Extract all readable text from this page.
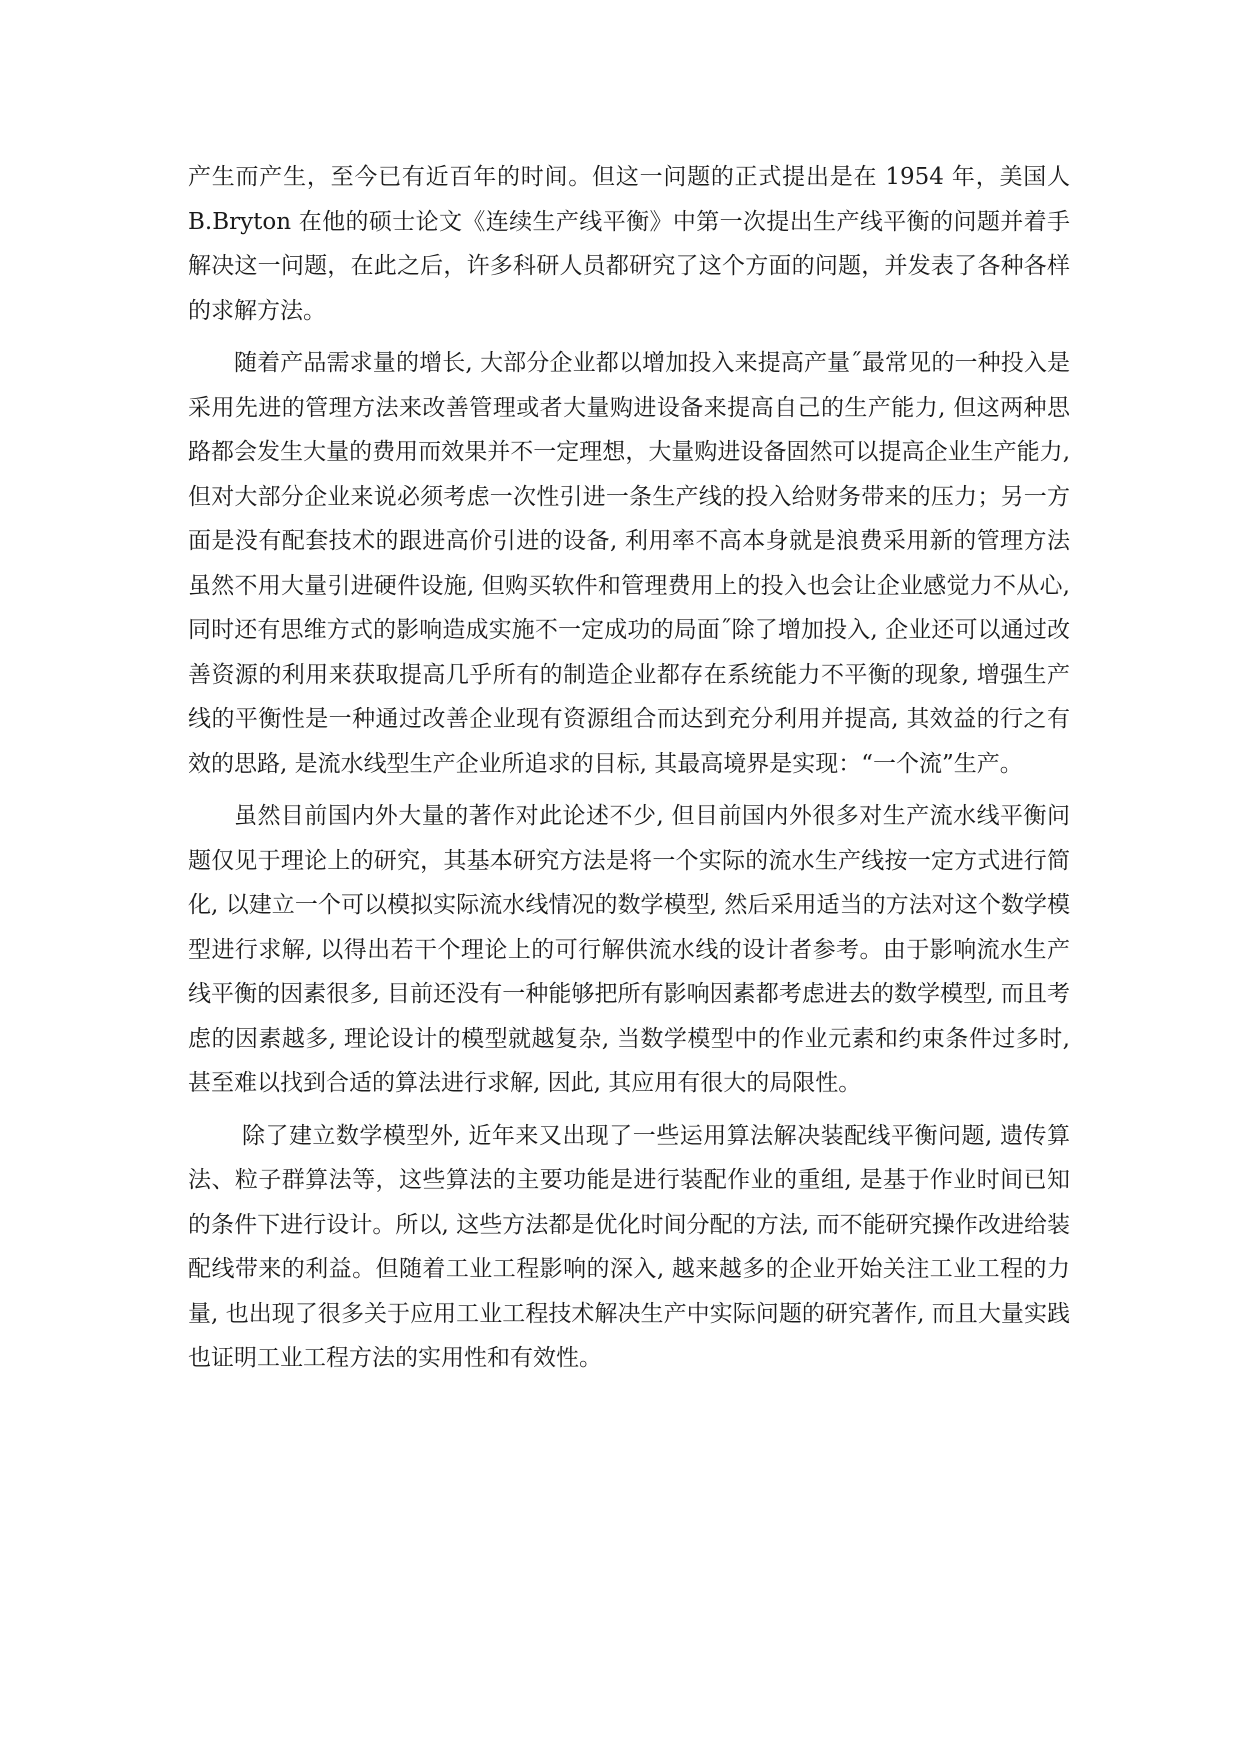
产生而产生，至今已有近百年的时间。但这一问题的正式提出是在 1954 年，美国人 B.Bryton 在他的硕士论文《连续生产线平衡》中第一次提出生产线平衡的问题并着手解决这一问题，在此之后，许多科研人员都研究了这个方面的问题，并发表了各种各样的求解方法。

随着产品需求量的增长, 大部分企业都以增加投入来提高产量˝最常见的一种投入是采用先进的管理方法来改善管理或者大量购进设备来提高自己的生产能力, 但这两种思路都会发生大量的费用而效果并不一定理想，大量购进设备固然可以提高企业生产能力, 但对大部分企业来说必须考虑一次性引进一条生产线的投入给财务带来的压力；另一方面是没有配套技术的跟进高价引进的设备, 利用率不高本身就是浪费采用新的管理方法虽然不用大量引进硬件设施, 但购买软件和管理费用上的投入也会让企业感觉力不从心, 同时还有思维方式的影响造成实施不一定成功的局面˝除了增加投入, 企业还可以通过改善资源的利用来获取提高几乎所有的制造企业都存在系统能力不平衡的现象, 增强生产线的平衡性是一种通过改善企业现有资源组合而达到充分利用并提高, 其效益的行之有效的思路, 是流水线型生产企业所追求的目标, 其最高境界是实现：“一个流”生产。

虽然目前国内外大量的著作对此论述不少, 但目前国内外很多对生产流水线平衡问题仅见于理论上的研究，其基本研究方法是将一个实际的流水生产线按一定方式进行简化, 以建立一个可以模拟实际流水线情况的数学模型, 然后采用适当的方法对这个数学模型进行求解, 以得出若干个理论上的可行解供流水线的设计者参考。由于影响流水生产线平衡的因素很多, 目前还没有一种能够把所有影响因素都考虑进去的数学模型, 而且考虑的因素越多, 理论设计的模型就越复杂, 当数学模型中的作业元素和约束条件过多时, 甚至难以找到合适的算法进行求解, 因此, 其应用有很大的局限性。

除了建立数学模型外, 近年来又出现了一些运用算法解决装配线平衡问题, 遗传算法、粒子群算法等，这些算法的主要功能是进行装配作业的重组, 是基于作业时间已知的条件下进行设计。所以, 这些方法都是优化时间分配的方法, 而不能研究操作改进给装配线带来的利益。但随着工业工程影响的深入, 越来越多的企业开始关注工业工程的力量, 也出现了很多关于应用工业工程技术解决生产中实际问题的研究著作, 而且大量实践也证明工业工程方法的实用性和有效性。
